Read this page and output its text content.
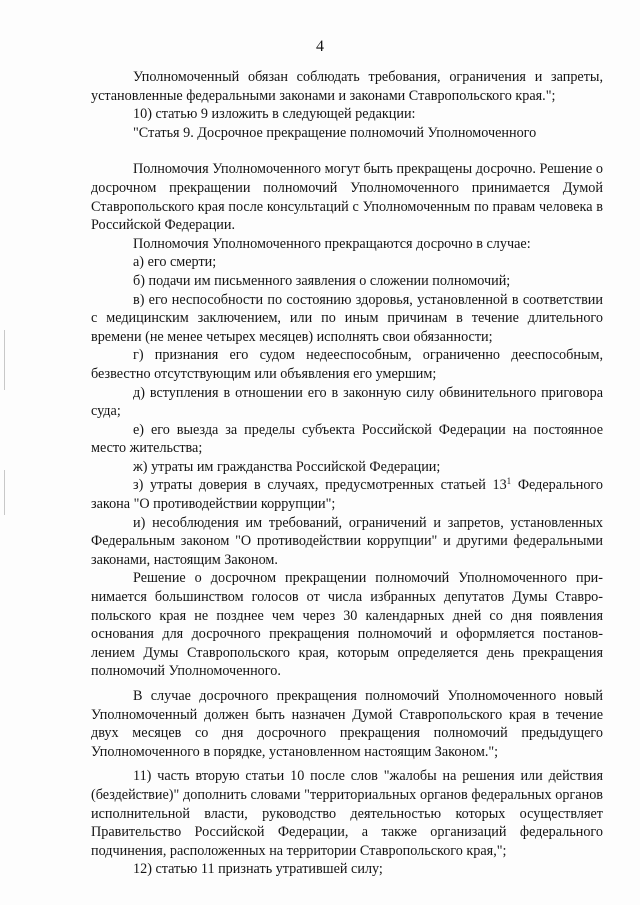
4

Уполномоченный обязан соблюдать требования, ограничения и запреты, установленные федеральными законами и законами Ставропольского края.";

10) статью 9 изложить в следующей редакции:

"Статья 9. Досрочное прекращение полномочий Уполномоченного

Полномочия Уполномоченного могут быть прекращены досрочно. Решение о досрочном прекращении полномочий Уполномоченного принимается Думой Ставропольского края после консультаций с Уполномоченным по правам человека в Российской Федерации.

Полномочия Уполномоченного прекращаются досрочно в случае:

а) его смерти;

б) подачи им письменного заявления о сложении полномочий;

в) его неспособности по состоянию здоровья, установленной в соответствии с медицинским заключением, или по иным причинам в течение длительного времени (не менее четырех месяцев) исполнять свои обязанности;

г) признания его судом недееспособным, ограниченно дееспособным, безвестно отсутствующим или объявления его умершим;

д) вступления в отношении его в законную силу обвинительного приговора суда;

е) его выезда за пределы субъекта Российской Федерации на постоянное место жительства;

ж) утраты им гражданства Российской Федерации;

з) утраты доверия в случаях, предусмотренных статьей $13^1$ Федерального закона "О противодействии коррупции";

и) несоблюдения им требований, ограничений и запретов, установленных Федеральным законом "О противодействии коррупции" и другими федеральными законами, настоящим Законом.

Решение о досрочном прекращении полномочий Уполномоченного принимается большинством голосов от числа избранных депутатов Думы Ставропольского края не позднее чем через 30 календарных дней со дня появления основания для досрочного прекращения полномочий и оформляется постановлением Думы Ставропольского края, которым определяется день прекращения полномочий Уполномоченного.

В случае досрочного прекращения полномочий Уполномоченного новый Уполномоченный должен быть назначен Думой Ставропольского края в течение двух месяцев со дня досрочного прекращения полномочий предыдущего Уполномоченного в порядке, установленном настоящим Законом.";

11) часть вторую статьи 10 после слов "жалобы на решения или действия (бездействие)" дополнить словами "территориальных органов федеральных органов исполнительной власти, руководство деятельностью которых осуществляет Правительство Российской Федерации, а также организаций федерального подчинения, расположенных на территории Ставропольского края,";

12) статью 11 признать утратившей силу;
